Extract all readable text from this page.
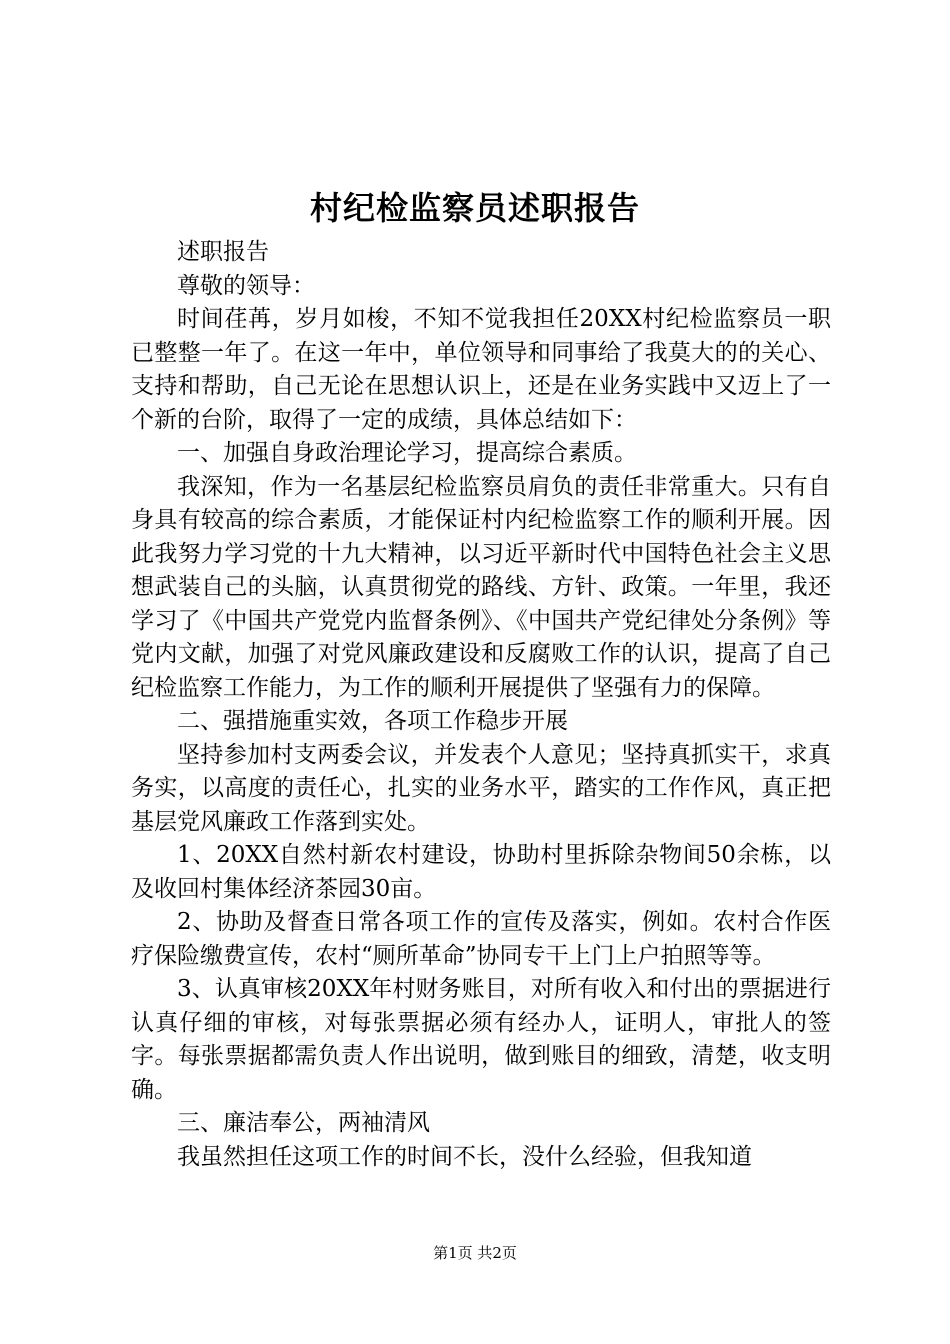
村纪检监察员述职报告

述职报告

尊敬的领导：

时间荏苒，岁月如梭，不知不觉我担任20XX村纪检监察员一职已整整一年了。在这一年中，单位领导和同事给了我莫大的的关心、支持和帮助，自己无论在思想认识上，还是在业务实践中又迈上了一个新的台阶，取得了一定的成绩，具体总结如下：

一、加强自身政治理论学习，提高综合素质。

我深知，作为一名基层纪检监察员肩负的责任非常重大。只有自身具有较高的综合素质，才能保证村内纪检监察工作的顺利开展。因此我努力学习党的十九大精神，以习近平新时代中国特色社会主义思想武装自己的头脑，认真贯彻党的路线、方针、政策。一年里，我还学习了《中国共产党党内监督条例》、《中国共产党纪律处分条例》等党内文献，加强了对党风廉政建设和反腐败工作的认识，提高了自己纪检监察工作能力，为工作的顺利开展提供了坚强有力的保障。

二、强措施重实效，各项工作稳步开展

坚持参加村支两委会议，并发表个人意见；坚持真抓实干，求真务实，以高度的责任心，扎实的业务水平，踏实的工作作风，真正把基层党风廉政工作落到实处。

1、20XX自然村新农村建设，协助村里拆除杂物间50余栋，以及收回村集体经济茶园30亩。

2、协助及督查日常各项工作的宣传及落实，例如。农村合作医疗保险缴费宣传，农村“厕所革命”协同专干上门上户拍照等等。

3、认真审核20XX年村财务账目，对所有收入和付出的票据进行认真仔细的审核，对每张票据必须有经办人，证明人，审批人的签字。每张票据都需负责人作出说明，做到账目的细致，清楚，收支明确。

三、廉洁奉公，两袖清风

我虽然担任这项工作的时间不长，没什么经验，但我知道

第1页 共2页
